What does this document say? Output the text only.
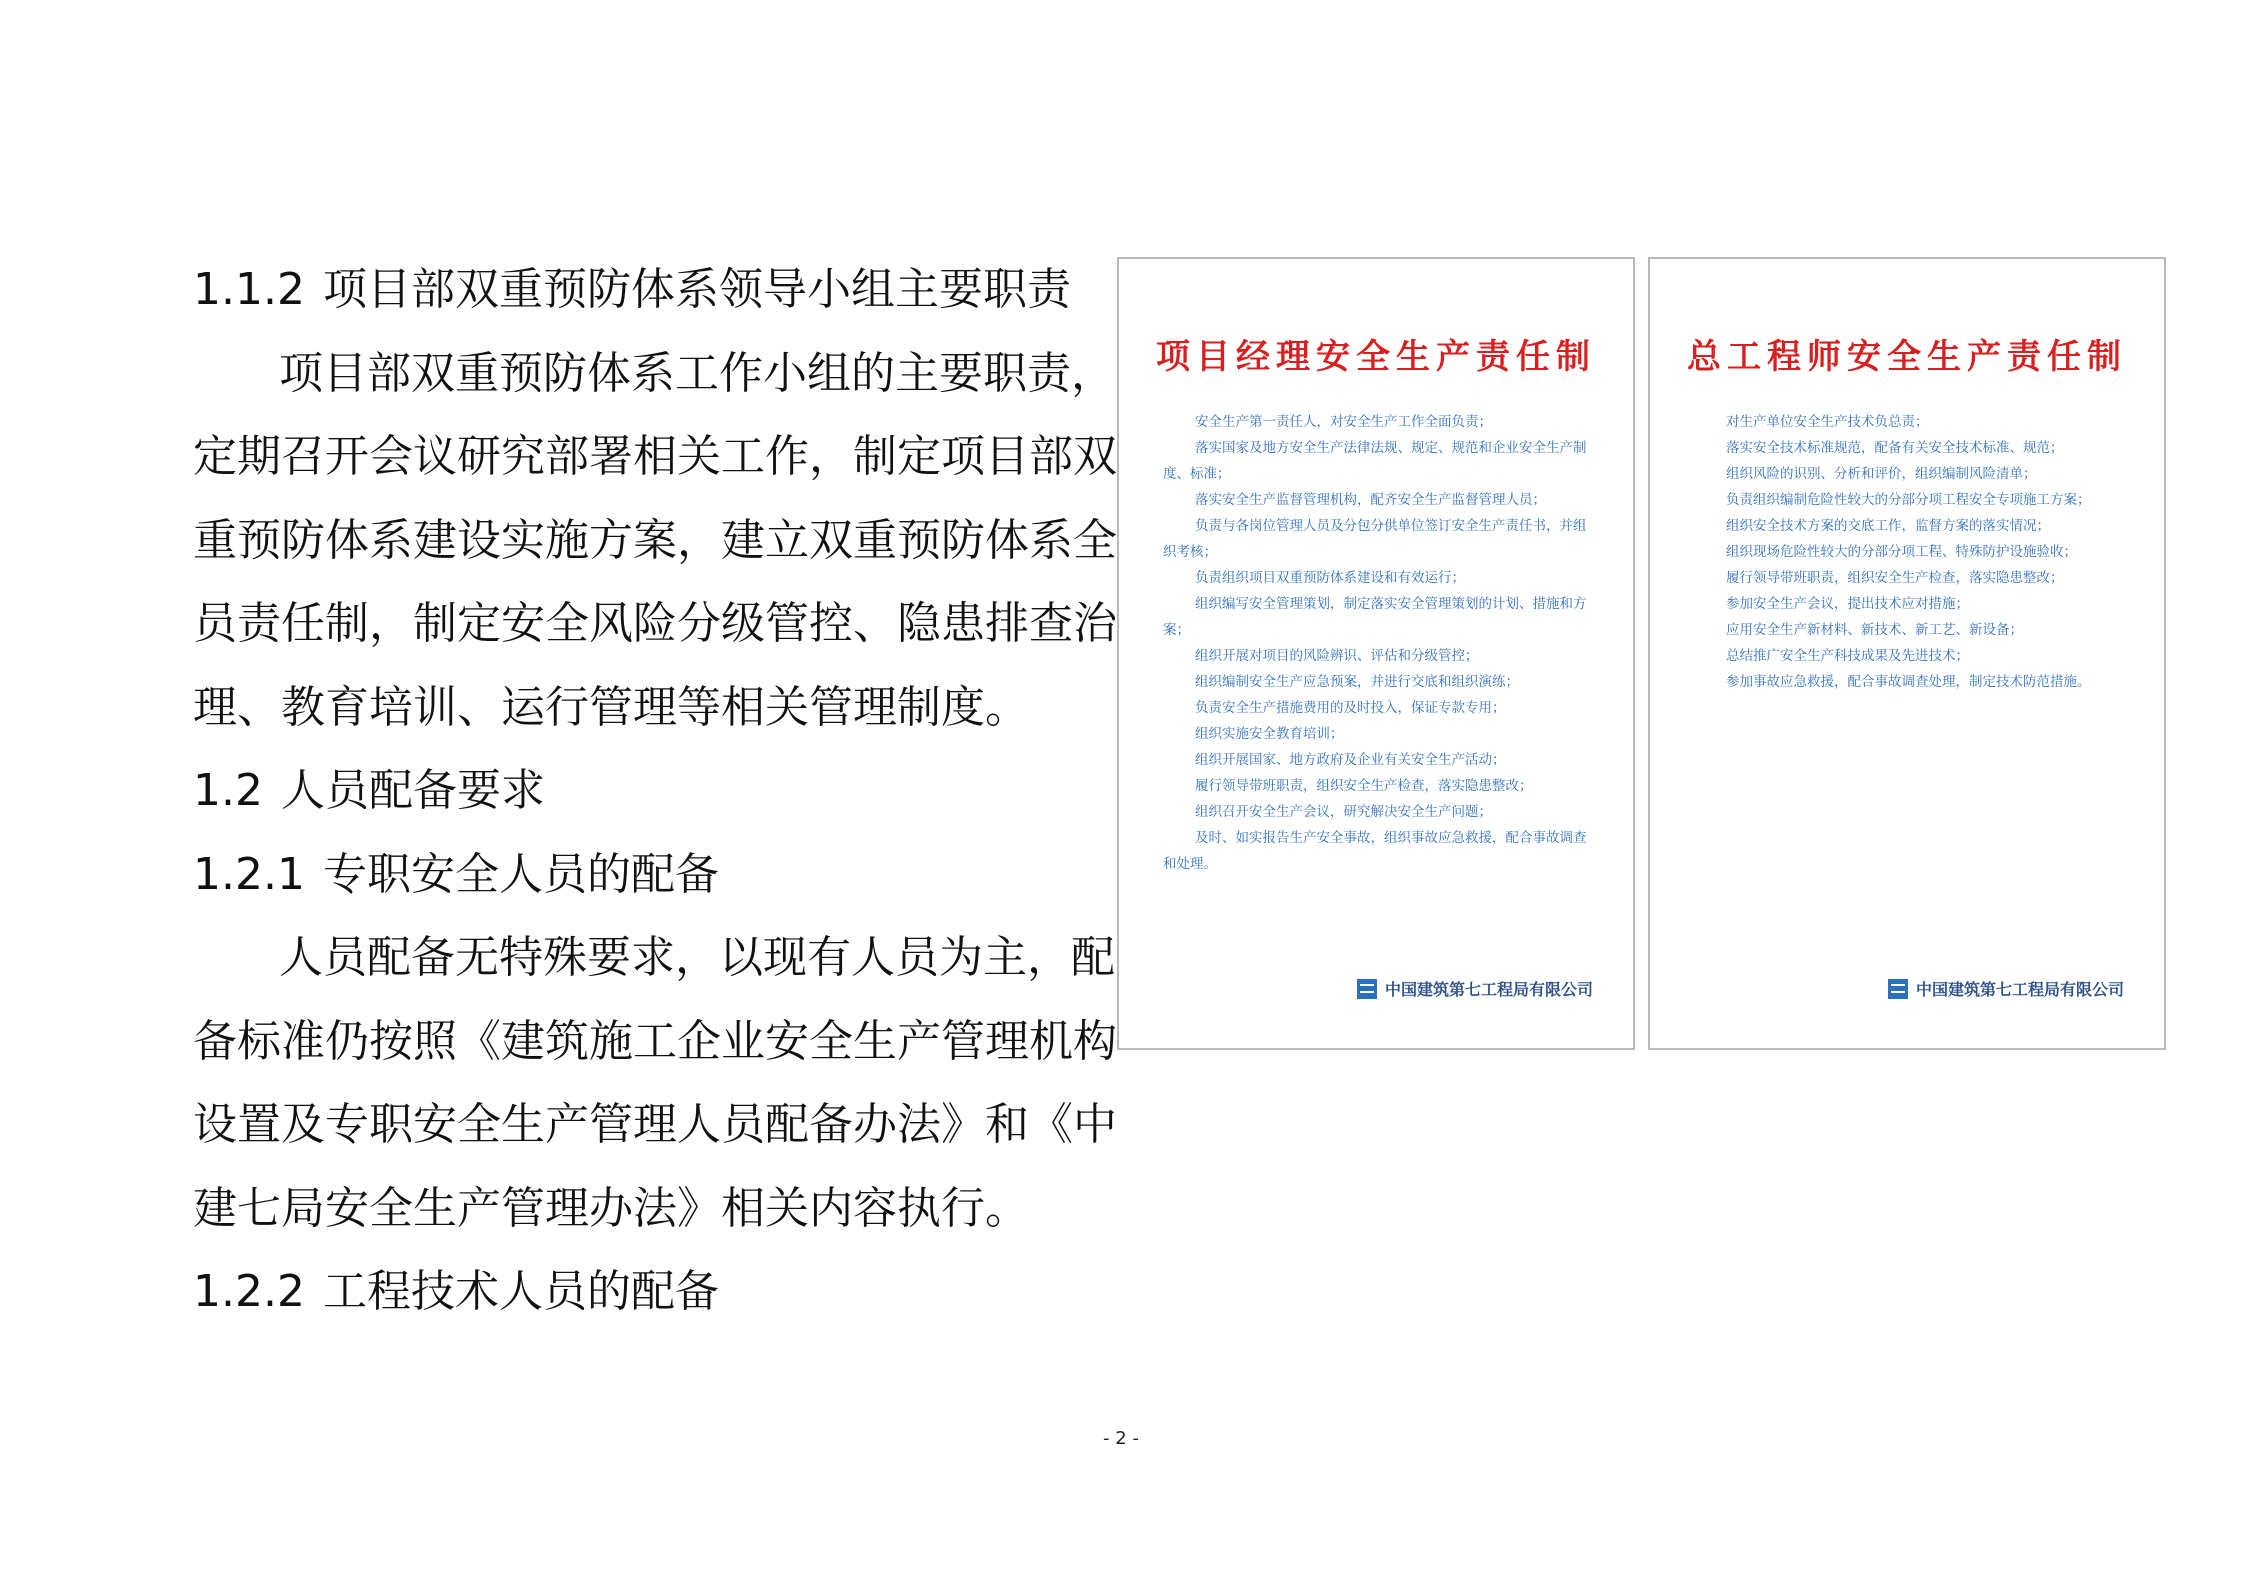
1.1.2 项目部双重预防体系领导小组主要职责

项目部双重预防体系工作小组的主要职责，

定期召开会议研究部署相关工作，制定项目部双

重预防体系建设实施方案，建立双重预防体系全

员责任制，制定安全风险分级管控、隐患排查治

理、教育培训、运行管理等相关管理制度。

1.2 人员配备要求

1.2.1 专职安全人员的配备

人员配备无特殊要求，以现有人员为主，配

备标准仍按照《建筑施工企业安全生产管理机构

设置及专职安全生产管理人员配备办法》和《中

建七局安全生产管理办法》相关内容执行。

1.2.2 工程技术人员的配备

项目经理安全生产责任制
安全生产第一责任人，对安全生产工作全面负责；
落实国家及地方安全生产法律法规、规定、规范和企业安全生产制度、标准；
落实安全生产监督管理机构，配齐安全生产监督管理人员；
负责与各岗位管理人员及分包分供单位签订安全生产责任书，并组织考核；
负责组织项目双重预防体系建设和有效运行；
组织编写安全管理策划，制定落实安全管理策划的计划、措施和方案；
组织开展对项目的风险辨识、评估和分级管控；
组织编制安全生产应急预案，并进行交底和组织演练；
负责安全生产措施费用的及时投入，保证专款专用；
组织实施安全教育培训；
组织开展国家、地方政府及企业有关安全生产活动；
履行领导带班职责，组织安全生产检查，落实隐患整改；
组织召开安全生产会议，研究解决安全生产问题；
及时、如实报告生产安全事故，组织事故应急救援，配合事故调查和处理。
中国建筑第七工程局有限公司
总工程师安全生产责任制
对生产单位安全生产技术负总责；
落实安全技术标准规范，配备有关安全技术标准、规范；
组织风险的识别、分析和评价，组织编制风险清单；
负责组织编制危险性较大的分部分项工程安全专项施工方案；
组织安全技术方案的交底工作，监督方案的落实情况；
组织现场危险性较大的分部分项工程、特殊防护设施验收；
履行领导带班职责，组织安全生产检查，落实隐患整改；
参加安全生产会议，提出技术应对措施；
应用安全生产新材料、新技术、新工艺、新设备；
总结推广安全生产科技成果及先进技术；
参加事故应急救援，配合事故调查处理，制定技术防范措施。
中国建筑第七工程局有限公司
- 2 -
